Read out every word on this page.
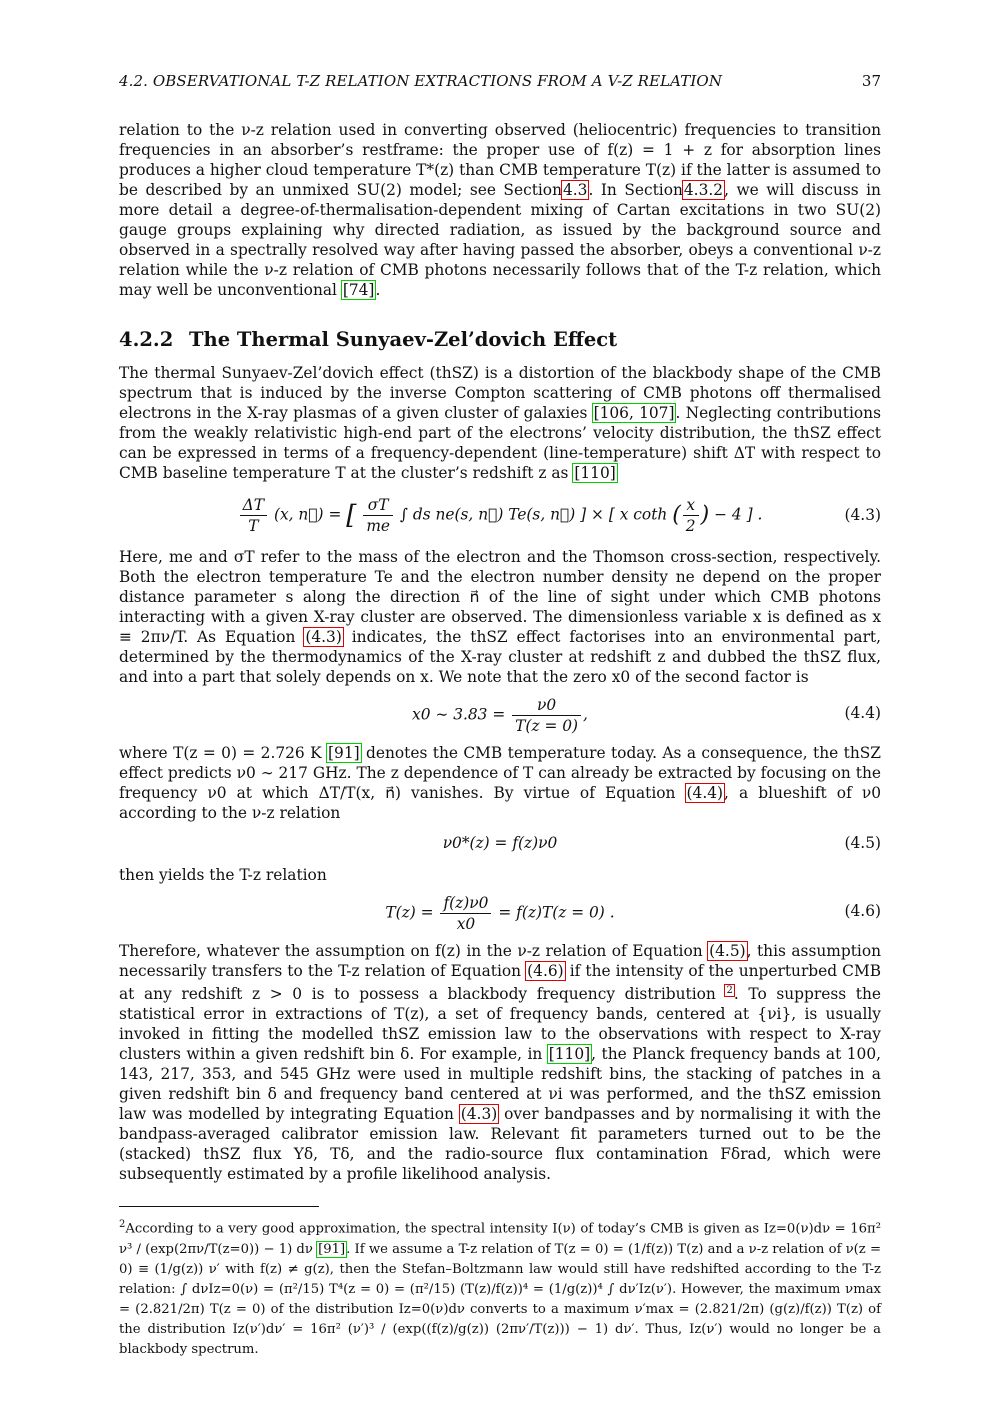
4.2. OBSERVATIONAL T-Z RELATION EXTRACTIONS FROM A V-Z RELATION	37

relation to the ν-z relation used in converting observed (heliocentric) frequencies to transition frequencies in an absorber’s restframe: the proper use of f(z) = 1 + z for absorption lines produces a higher cloud temperature T*(z) than CMB temperature T(z) if the latter is assumed to be described by an unmixed SU(2) model; see Section4.3. In Section4.3.2, we will discuss in more detail a degree-of-thermalisation-dependent mixing of Cartan excitations in two SU(2) gauge groups explaining why directed radiation, as issued by the background source and observed in a spectrally resolved way after having passed the absorber, obeys a conventional ν-z relation while the ν-z relation of CMB photons necessarily follows that of the T-z relation, which may well be unconventional [74].

4.2.2 The Thermal Sunyaev-Zel’dovich Effect

The thermal Sunyaev-Zel’dovich effect (thSZ) is a distortion of the blackbody shape of the CMB spectrum that is induced by the inverse Compton scattering of CMB photons off thermalised electrons in the X-ray plasmas of a given cluster of galaxies [106, 107]. Neglecting contributions from the weakly relativistic high-end part of the electrons’ velocity distribution, the thSZ effect can be expressed in terms of a frequency-dependent (line-temperature) shift ΔT with respect to CMB baseline temperature T at the cluster’s redshift z as [110]

$\frac{\Delta T}{T} (x$, n⃗) = [ $\frac{\sigma T}{me}$ ∫ ds ne(s, n⃗) Te(s, n⃗) ] × [ x coth ( $\frac{x}{2}$ ) − 4 ] .	(4.3)

Here, me and σT refer to the mass of the electron and the Thomson cross-section, respectively. Both the electron temperature Te and the electron number density ne depend on the proper distance parameter s along the direction n⃗ of the line of sight under which CMB photons interacting with a given X-ray cluster are observed. The dimensionless variable x is defined as x ≡ 2πν/T. As Equation (4.3) indicates, the thSZ effect factorises into an environmental part, determined by the thermodynamics of the X-ray cluster at redshift z and dubbed the thSZ flux, and into a part that solely depends on x. We note that the zero x0 of the second factor is

x0 ∼ $3.83 = \frac{\nu 0}{T(z = 0)}$ ,	(4.4)

where T(z = 0) = 2.726 K [91] denotes the CMB temperature today. As a consequence, the thSZ effect predicts ν0 ∼ 217 GHz. The z dependence of T can already be extracted by focusing on the frequency ν0 at which ΔT/T(x, n⃗) vanishes. By virtue of Equation (4.4), a blueshift of ν0 according to the ν-z relation

ν0*(z) = f(z)ν0	(4.5)

then yields the T-z relation

$T(z) = \frac{f(z)\nu 0}{x0} = f(z)T(z = 0)$ .	(4.6)

Therefore, whatever the assumption on f(z) in the ν-z relation of Equation (4.5), this assumption necessarily transfers to the T-z relation of Equation (4.6) if the intensity of the unperturbed CMB at any redshift z > 0 is to possess a blackbody frequency distribution $^2$. To suppress the statistical error in extractions of T(z), a set of frequency bands, centered at {νi}, is usually invoked in fitting the modelled thSZ emission law to the observations with respect to X-ray clusters within a given redshift bin δ. For example, in [110], the Planck frequency bands at 100, 143, 217, 353, and 545 GHz were used in multiple redshift bins, the stacking of patches in a given redshift bin δ and frequency band centered at νi was performed, and the thSZ emission law was modelled by integrating Equation (4.3) over bandpasses and by normalising it with the bandpass-averaged calibrator emission law. Relevant fit parameters turned out to be the (stacked) thSZ flux Yδ, Tδ, and the radio-source flux contamination Fδrad, which were subsequently estimated by a profile likelihood analysis.

$^2$According to a very good approximation, the spectral intensity I(ν) of today’s CMB is given as Iz=0(ν)dν = 16π² ν³ / (exp(2πν/T(z=0)) − 1) dν [91]. If we assume a T-z relation of T(z = 0) = (1/f(z)) T(z) and a ν-z relation of ν(z = 0) ≡ (1/g(z)) ν′ with f(z) ≠ g(z), then the Stefan–Boltzmann law would still have redshifted according to the T-z relation: ∫ dνIz=0(ν) = (π²/15) T⁴(z = 0) = (π²/15) (T(z)/f(z))⁴ = (1/g(z))⁴ ∫ dν′Iz(ν′). However, the maximum νmax = (2.821/2π) T(z = 0) of the distribution Iz=0(ν)dν converts to a maximum ν′max = (2.821/2π) (g(z)/f(z)) T(z) of the distribution Iz(ν′)dν′ = 16π² (ν′)³ / (exp((f(z)/g(z)) (2πν′/T(z))) − 1) dν′. Thus, Iz(ν′) would no longer be a blackbody spectrum.
